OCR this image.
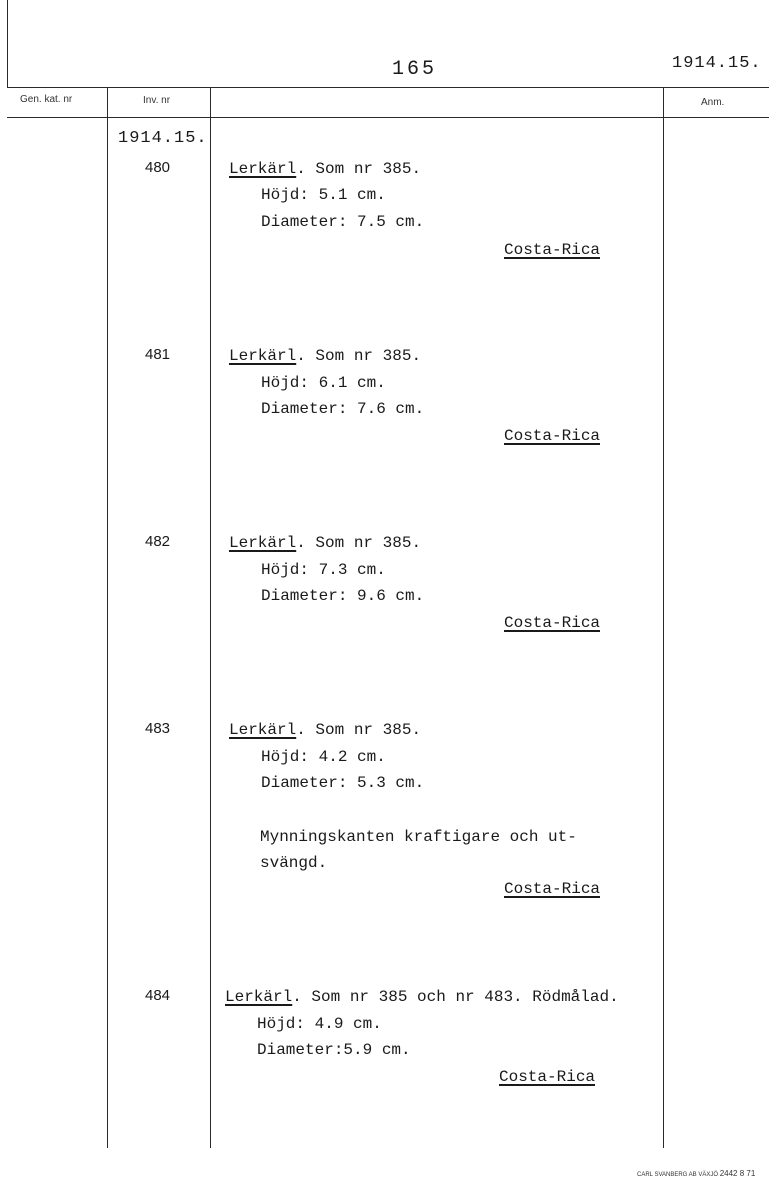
165	1914.15.
Gen. kat. nr	Inv. nr	Anm.
1914.15.
480	Lerkärl. Som nr 385.
Höjd: 5.1 cm.
Diameter: 7.5 cm.
Costa-Rica
481	Lerkärl. Som nr 385.
Höjd: 6.1 cm.
Diameter: 7.6 cm.
Costa-Rica
482	Lerkärl. Som nr 385.
Höjd: 7.3 cm.
Diameter: 9.6 cm.
Costa-Rica
483	Lerkärl. Som nr 385.
Höjd: 4.2 cm.
Diameter: 5.3 cm.
Mynningskanten kraftigare och ut-
svängd.
Costa-Rica
484	Lerkärl. Som nr 385 och nr 483. Rödmålad.
Höjd: 4.9 cm.
Diameter:5.9 cm.
Costa-Rica
CARL SVANBERG AB VÄXJÖ 2442 8 71
